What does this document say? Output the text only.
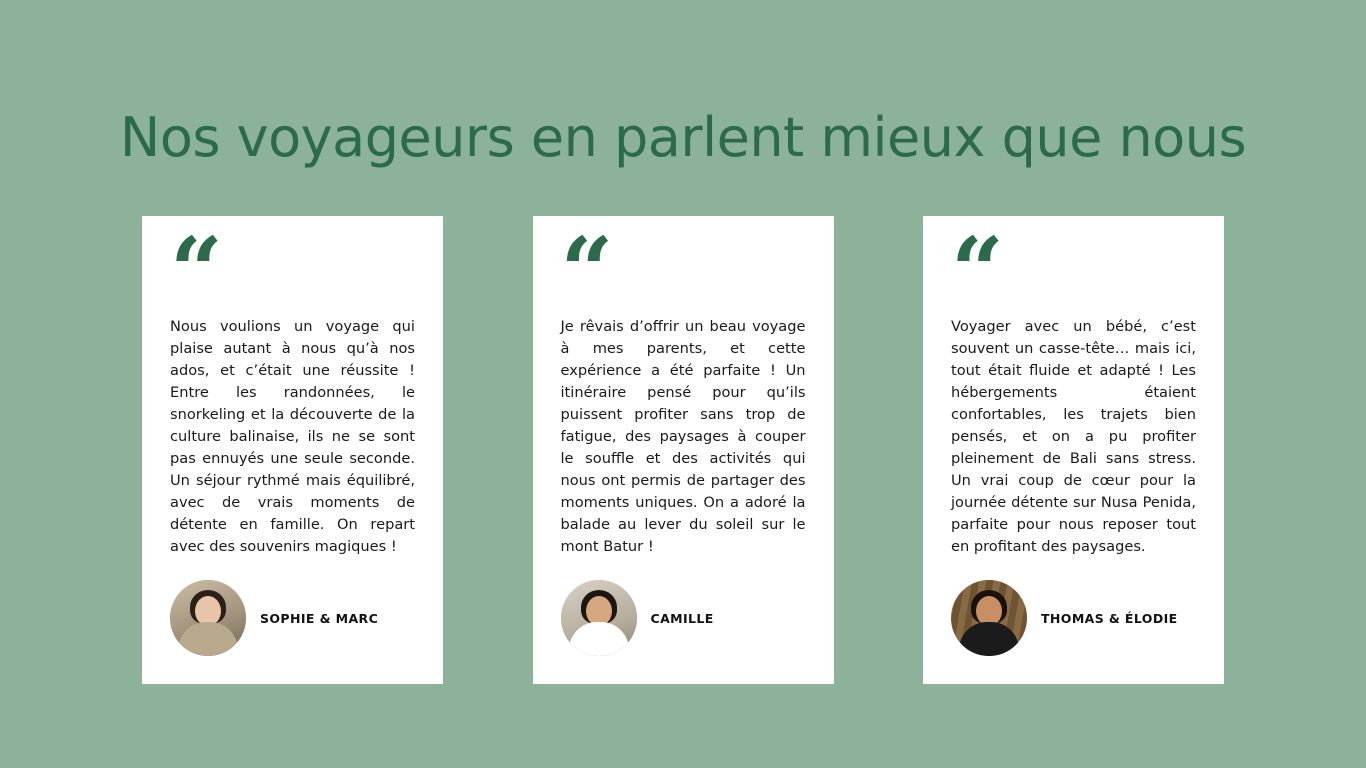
Nos voyageurs en parlent mieux que nous
“
Nous voulions un voyage qui plaise autant à nous qu’à nos ados, et c’était une réussite ! Entre les randonnées, le snorkeling et la découverte de la culture balinaise, ils ne se sont pas ennuyés une seule seconde. Un séjour rythmé mais équilibré, avec de vrais moments de détente en famille. On repart avec des souvenirs magiques !
SOPHIE & MARC
“
Je rêvais d’offrir un beau voyage à mes parents, et cette expérience a été parfaite ! Un itinéraire pensé pour qu’ils puissent profiter sans trop de fatigue, des paysages à couper le souffle et des activités qui nous ont permis de partager des moments uniques. On a adoré la balade au lever du soleil sur le mont Batur !
CAMILLE
“
Voyager avec un bébé, c’est souvent un casse-tête… mais ici, tout était fluide et adapté ! Les hébergements étaient confortables, les trajets bien pensés, et on a pu profiter pleinement de Bali sans stress. Un vrai coup de cœur pour la journée détente sur Nusa Penida, parfaite pour nous reposer tout en profitant des paysages.
THOMAS & ÉLODIE
